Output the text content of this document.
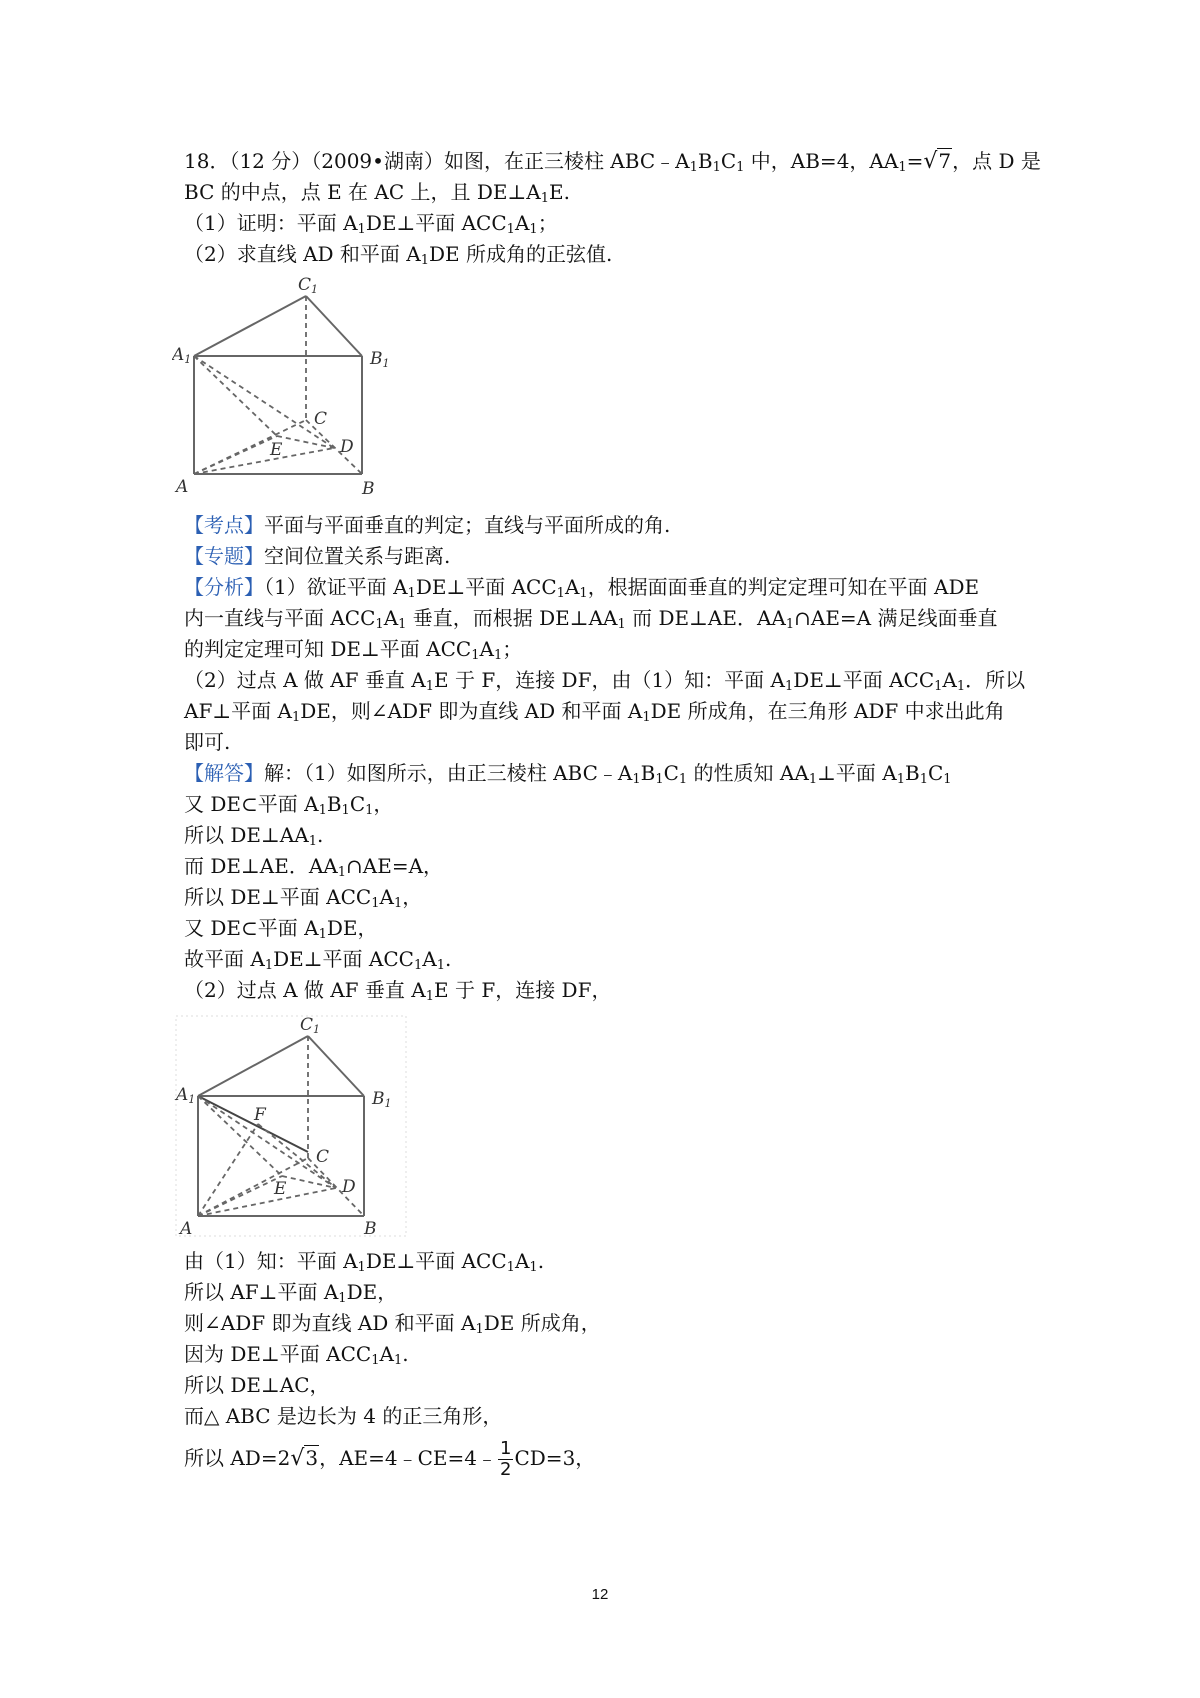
18．（12 分）（2009•湖南）如图，在正三棱柱 $ABC﹣A_1B_1C_1$ 中，AB=4，$AA_1=√7$，点 D 是
BC 的中点，点 E 在 AC 上，且 $DE\perp A_1E$.
（1）证明：平面 $A_1DE\perp$平面 $ACC_1A_1$；
（2）求直线 AD 和平面 $A_1DE$ 所成角的正弦值.
C1
A1	B1
C
D
E
A	B
【考点】平面与平面垂直的判定；直线与平面所成的角.
【专题】空间位置关系与距离.
【分析】（1）欲证平面 $A_1DE\perp$平面 $ACC_1A_1$，根据面面垂直的判定定理可知在平面 ADE
内一直线与平面 $ACC_1A_1$ 垂直，而根据 $DE\perp AA_1$ 而 DE⊥AE．$AA_1\cap AE=A$ 满足线面垂直
的判定定理可知 DE⊥平面 $ACC_1A_1$；
（2）过点 A 做 AF 垂直 $A_1E$ 于 F，连接 DF，由（1）知：平面 $A_1DE\perp$平面 $ACC_1A_1$．所以
AF⊥平面 $A_1DE$，则∠ADF 即为直线 AD 和平面 $A_1DE$ 所成角，在三角形 ADF 中求出此角
即可.
【解答】解：（1）如图所示，由正三棱柱 $ABC﹣A_1B_1C_1$ 的性质知 $AA_1\perp$平面 $A_1B_1C_1$
又 DE⊂平面 $A_1B_1C_1$，
所以 $DE\perp AA_1$.
而 DE⊥AE．$AA_1\cap AE=A$，
所以 DE⊥平面 $ACC_1A_1$，
又 DE⊂平面 $A_1DE$，
故平面 $A_1DE\perp$平面 $ACC_1A_1$.
（2）过点 A 做 AF 垂直 $A_1E$ 于 F，连接 DF，
C1
A1	B1
F
C
D
E
A	B
由（1）知：平面 $A_1DE\perp$平面 $ACC_1A_1$.
所以 AF⊥平面 $A_1DE$，
则∠ADF 即为直线 AD 和平面 $A_1DE$ 所成角，
因为 DE⊥平面 $ACC_1A_1$.
所以 DE⊥AC，
而△ ABC 是边长为 4 的正三角形，
所以 AD=2√3，AE=4﹣CE=4﹣ $\frac{1}{2} CD=3$，
12
